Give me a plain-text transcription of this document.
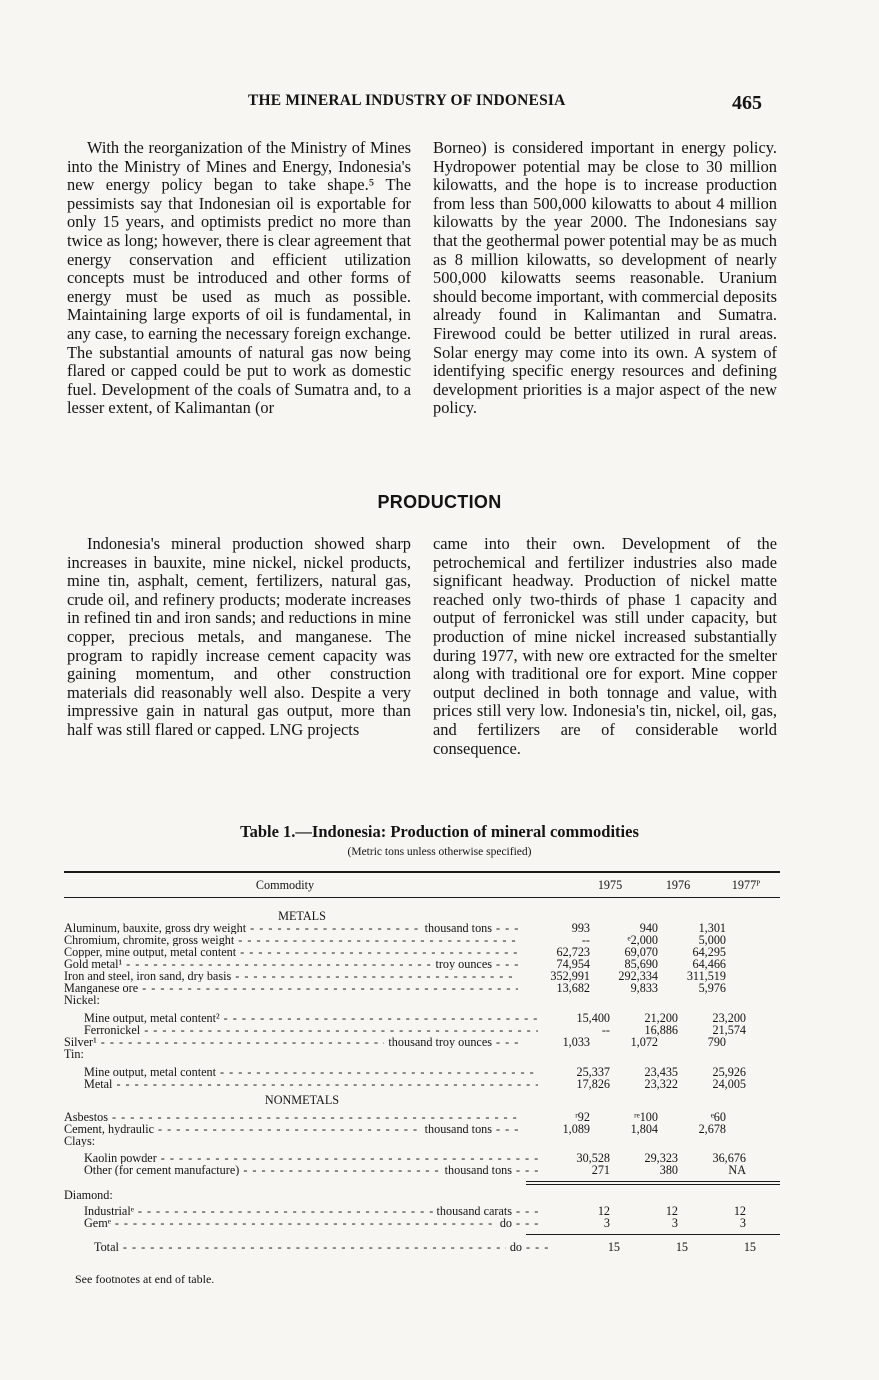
THE MINERAL INDUSTRY OF INDONESIA	465

With the reorganization of the Ministry of Mines into the Ministry of Mines and Energy, Indonesia's new energy policy began to take shape.⁵ The pessimists say that Indonesian oil is exportable for only 15 years, and optimists predict no more than twice as long; however, there is clear agreement that energy conservation and efficient utilization concepts must be introduced and other forms of energy must be used as much as possible. Maintaining large exports of oil is fundamental, in any case, to earning the necessary foreign exchange. The substantial amounts of natural gas now being flared or capped could be put to work as domestic fuel. Development of the coals of Sumatra and, to a lesser extent, of Kalimantan (or

Borneo) is considered important in energy policy. Hydropower potential may be close to 30 million kilowatts, and the hope is to increase production from less than 500,000 kilowatts to about 4 million kilowatts by the year 2000. The Indonesians say that the geothermal power potential may be as much as 8 million kilowatts, so development of nearly 500,000 kilowatts seems reasonable. Uranium should become important, with commercial deposits already found in Kalimantan and Sumatra. Firewood could be better utilized in rural areas. Solar energy may come into its own. A system of identifying specific energy resources and defining development priorities is a major aspect of the new policy.

PRODUCTION

Indonesia's mineral production showed sharp increases in bauxite, mine nickel, nickel products, mine tin, asphalt, cement, fertilizers, natural gas, crude oil, and refinery products; moderate increases in refined tin and iron sands; and reductions in mine copper, precious metals, and manganese. The program to rapidly increase cement capacity was gaining momentum, and other construction materials did reasonably well also. Despite a very impressive gain in natural gas output, more than half was still flared or capped. LNG projects

came into their own. Development of the petrochemical and fertilizer industries also made significant headway. Production of nickel matte reached only two-thirds of phase 1 capacity and output of ferronickel was still under capacity, but production of mine nickel increased substantially during 1977, with new ore extracted for the smelter along with traditional ore for export. Mine copper output declined in both tonnage and value, with prices still very low. Indonesia's tin, nickel, oil, gas, and fertilizers are of considerable world consequence.

Table 1.—Indonesia: Production of mineral commodities
(Metric tons unless otherwise specified)
Commodity	1975	1976	1977ᴾ
METALS
Aluminum, bauxite, gross dry weight - - -	thousand tons - - -	993	940	1,301
Chromium, chromite, gross weight - - -	--	ᵉ2,000	5,000
Copper, mine output, metal content - - -	62,723	69,070	64,295
Gold metal¹ - - -	troy ounces - - -	74,954	85,690	64,466
Iron and steel, iron sand, dry basis - - -	352,991	292,334	311,519
Manganese ore - - -	13,682	9,833	5,976
Nickel:
Mine output, metal content² - - -	15,400	21,200	23,200
Ferronickel - - -	--	16,886	21,574
Silver¹ - - -	thousand troy ounces - - -	1,033	1,072	790
Tin:
Mine output, metal content - - -	25,337	23,435	25,926
Metal - - -	17,826	23,322	24,005
NONMETALS
Asbestos - - -	ʳ92	ʳᵉ100	ᵉ60
Cement, hydraulic - - -	thousand tons - - -	1,089	1,804	2,678
Clays:
Kaolin powder - - -	30,528	29,323	36,676
Other (for cement manufacture) - - -	thousand tons - - -	271	380	NA
Diamond:
Industrialᵉ - - -	thousand carats - - -	12	12	12
Gemᵉ - - -	do - - -	3	3	3
Total - - -	do - - -	15	15	15
See footnotes at end of table.
